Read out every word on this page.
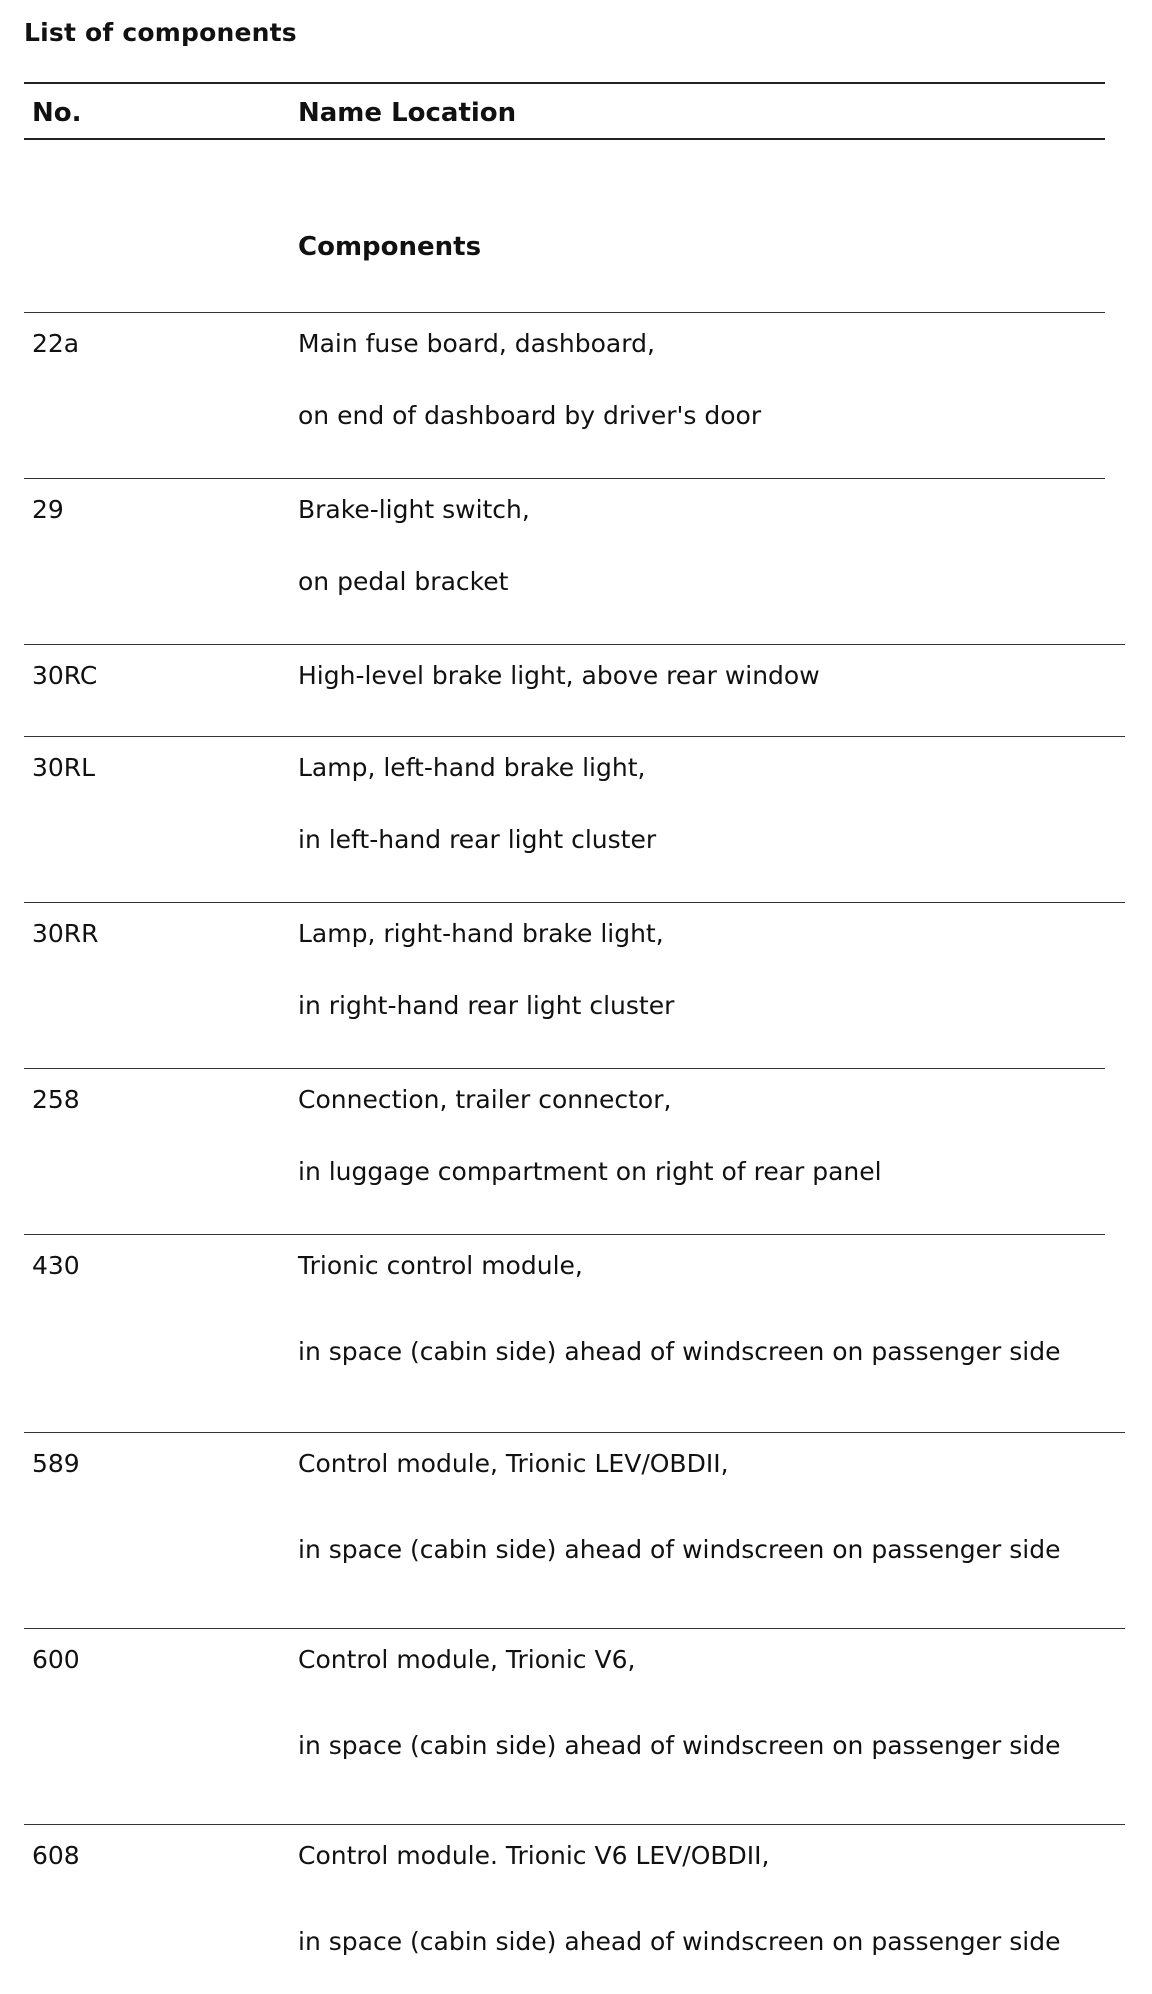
List of components
No.	Name Location
Components
22a	Main fuse board, dashboard,
on end of dashboard by driver's door
29	Brake-light switch,
on pedal bracket
30RC	High-level brake light, above rear window
30RL	Lamp, left-hand brake light,
in left-hand rear light cluster
30RR	Lamp, right-hand brake light,
in right-hand rear light cluster
258	Connection, trailer connector,
in luggage compartment on right of rear panel
430	Trionic control module,
in space (cabin side) ahead of windscreen on passenger side
589	Control module, Trionic LEV/OBDII,
in space (cabin side) ahead of windscreen on passenger side
600	Control module, Trionic V6,
in space (cabin side) ahead of windscreen on passenger side
608	Control module. Trionic V6 LEV/OBDII,
in space (cabin side) ahead of windscreen on passenger side
